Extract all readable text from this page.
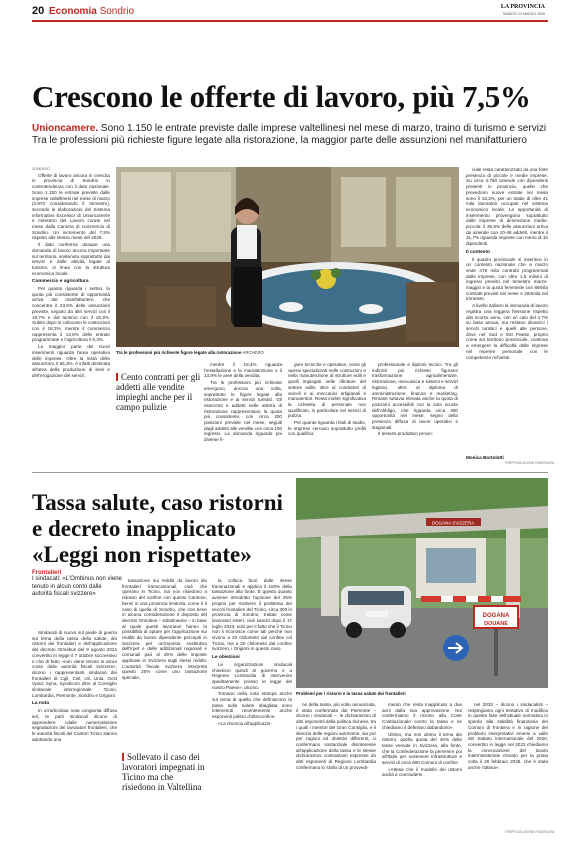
20 Economia Sondrio	LA PROVINCIA
SABATO 14 MARZO 2026
Crescono le offerte di lavoro, più 7,5%
Unioncamere. Sono 1.150 le entrate previste dalle imprese valtellinesi nel mese di marzo, traino di turismo e servizi Tra le professioni più richieste figure legate alla ristorazione, la maggior parte delle assunzioni nel manifatturiero
SONDRIO

Offerte di lavoro ancora in crescita in provincia di Sondrio in controtendenza con il dato nazionale. Sono 1.150 le entrate previste dalle imprese valtellinesi nel mese di marzo (3.870 considerando il trimestre), secondo le elaborazioni del Sistema informativo Excelsior di Unioncamere e ministero del Lavoro curate nel mese dalla Camera di commercio di Sondrio. Un incremento del 7,5% rispetto allo stesso mese del 2025.

Il dato conferma dunque una domanda di lavoro ancora importante sul territorio, sostenuta soprattutto dai servizi e dalle attività legate al turismo, in linea con la struttura economica locale.

Commercio e agricoltura

Per quanto riguarda i settori, la quota più consistente di opportunità arriva dal manifatturiero, che concentra il 23,6% delle assunzioni previste, seguito da altri servizi con il 19,7% e dal turismo con il 19,3%. Subito dopo si collocano le costruzioni con il 18,3%, mentre il commercio rappresenta il 12,8% delle entrate programmate e l'agricoltura il 6,3%.

La maggior parte dei nuovi inserimenti riguarda l'area operativa delle imprese. Oltre la metà delle assunzioni, il 55,3%, è infatti destinata all'area della produzione di beni e dell'erogazione del servizi,

Tra le professioni più richieste figure legate alla ristorazione ARCHIVIO
Cento contratti per gli addetti alle vendite impieghi anche per il campo pulizie

mentre il 18,4% riguarda l'installazione e la manutenzione e il 13,8% le aree della vendita.

Tra le professioni più richieste emergono, ancora una volta, soprattutto le figure legate alla ristorazione e ai servizi turistici. Gli esercenti e addetti nelle attività di ristorazione rappresentano la quota più consistente, con circa 200 posizioni previste nel mese, seguiti dagli addetti alle vendite con circa 100 ingressi. La domanda riguarda poi diverse fi-

gure tecniche e operative, come gli operai specializzati nelle costruzioni e nella manutenzione di strutture edili e quelli impiegati nelle rifiniture del settore edile, oltre ai conduttori di veicoli e ai meccanici artigianali e manutentori. Resta inoltre significativa la richiesta di personale non qualificato, in particolare nei servizi di pulizia.

Per quanto riguarda i titoli di studio, le imprese cercano soprattutto profili con qualifica

professionale e diplomi tecnici. Tra gli indirizzi più richiesti figurano trasformazione agroalimentare, ristorazione, meccanica e sistemi e servizi logistici, oltre al diploma di amministrazione, finanza e marketing. Rimane tuttavia elevata anche la quota di posizioni accessibili con la sola scuola dell'obbligo, che riguarda circa 300 opportunità nel mese, segno della presenza diffusa di lavori operativi e stagionali.

Il tessuto produttivo provin-

ciale resta caratterizzato da una forte presenza di piccole e medie imprese. Su circa 4.760 aziende con dipendenti presenti in provincia, quelle che prevedono nuove entrate nel mese sono il 16,3%, per un totale di oltre 41 mila lavoratori occupati nel sistema economico locale. Le opportunità di inserimento provengono soprattutto dalle imprese di dimensione medio-piccola: il 35,9% delle assunzioni arriva da aziende con 10-49 addetti, mentre il 31,7% riguarda imprese con meno di 10 dipendenti.

Il contesto

Il quadro provinciale si inserisce in un contesto nazionale che a marzo vede 479 mila contratti programmati dalle imprese, con oltre 1,5 milioni di ingressi previsti nel trimestre marzo-maggio e la quota femminile con 89mila contratti previsti nel mese e 263mila nel trimestre.

A livello italiano la domanda di lavoro registra una leggera flessione rispetto allo scorso anno, con un calo del 2,7% su base annua, ma restano dinamici i servizi turistici e quelli alle persone, dove nel Sud e Est Paese, proprio come sul territorio provinciale, continua a emergere la difficoltà delle imprese nel reperire personale con le competenze richieste.

Monica Bortolotti
©RIPRODUZIONE RISERVATA
Tassa salute, caso ristorni e decreto inapplicato «Leggi non rispettate»
Frontalieri
I sindacati: «L'Ombinus non viene tenuto in alcun conto dalle autorità fiscali svizzere»
DOGANA
DOUANE
DOGANA SVIZZERA
Problemi per i ristorni e la tassa salute dei frontalieri

Sindacati di nuovo sul piede di guerra sul tema della tassa della salute, dei ristorni dei frontalieri e dell'applicazione del decreto Omnibus del 9 agosto 2024 convertito in legge il 7 ottobre successivo e che di fatto «non viene tenuto in alcun conto dalle autorità fiscali svizzere», dicono i rappresentanti sindacali dei frontalieri di Cgil, Cisl, Uil, Unia, Ocst Vpod, Syna, Syndicom oltre al Consiglio sindacale interregionale Ticino, Lombardia, Piemonte, Sondrio e Grigioni.

La nota

In un'articolata nota congiunta diffusa ieri, le parti sindacali dicono di apprendere «dalle numerosissime segnalazioni dei lavoratori frontalieri, che le autorità fiscali del Canton Ticino stanno adottando una

tassazione sui redditi da lavoro dei frontalieri transcantonali, cioè che operano in Ticino, ma non risiedono a ridosso del confine con questo Cantone, bensì in una provincia limitrofa, come è il caso di quella di Sondrio, che non tiene in alcuna considerazione il disposto del decreto Omnibus – sottolineano – in base al quale questi lavoratori hanno la possibilità di optare per l'applicazione sui redditi da lavoro dipendente percepiti in Svizzera per un'imposta sostitutiva dell'Irpef e delle addizionali regionali e comunali pari al 25% delle imposte applicate in Svizzera sugli stessi redditi. L'autorità fiscale svizzera interpreta questo 25% come uno tassazione speciale,

Sollevato il caso dei lavoratori impegnati in Ticino ma che risiedono in Valtellina

la colloca fuori dalle intese transnazionali e applica il 100% della tassazione alla fonte. È questo quanto avviene introdotto l'opzione del 25% proprio per risolvere il problema dei vecchi frontalieri del Ticino, circa 300 in provincia di Sondrio, trattati come lavoratori esteri, cioè sanciti dopo il 17 luglio 2023, solo per il fatto che il Ticino non li riconosce come tali perché non vivono a 20 chilometri dal confine col Ticino, ma a 20 chilometri dal confine svizzero, i Grigioni in questo caso.

Le obiezioni

Le organizzazioni sindacali chiedono quindi al governo e a Regione Lombardia di intervenire speditamente presso le legge del nostro Paese», dicono.

Tornano nella nota stampa anche sul tema di quella che definiscono la tassa sulla salute sbagliata sono intervenuti recentemente anche esponenti politici d'oltreconfine.

«La rinuncia all'applicazio-

ne della tassa, più volte annunciata, è stata confermata dal Piemonte – dicono i sindacati –, le dichiarazioni di altri esponenti della politica ticinese, tra i quali i membri del Gran Consiglio, e il silenzio delle regioni autonome, sia pur per ragioni ed obiettivi differenti, ci confermano sostanziale disinteresse all'applicazione della tassa e le stesse dichiarazioni contrastanti espresse da altri esponenti di Regione Lombardia confermano lo stallo di un provvedi-

mento che resta inapplicato a due anni dalla sua approvazione. Noi confermiamo il ricorso alla Corte Costituzionale contro la tassa e ne chiediamo il definitivo abbandono».

Ultimo, ma non ultimo il tema dei ristorni, quella quota del 40% delle tasse versate in Svizzera, alla fonte, che la Confederazione fa pervenire poi all'Italia per sostenere infrastrutture e servizi di circa 600 Comuni di confine.

«Attesa che il modello dei ristorni andrà a concludersi

nel 2033 – dicono i sindacalisti – respingiamo ogni tentativo di modifica in queste fase dell'attuale normativa in sperdo alla stabilità finanziaria dei Comuni di frontiera e in ragione dei problemi interpretativi emersi a valle del trattato internazionale del 2020, convertito in legge nel 2023 chiediamo la convocazione del tavolo interministeriale rinviato per la prima volta il 26 febbraio 2025, che è stata anche l'ultima».

©RIPRODUZIONE RISERVATA
